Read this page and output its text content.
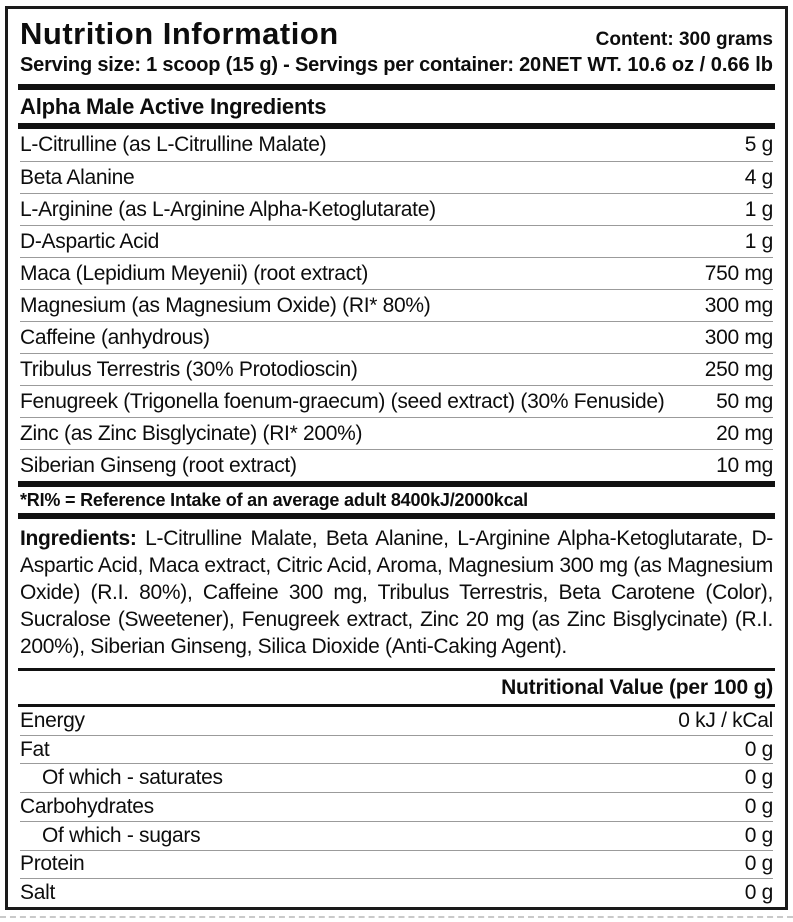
Nutrition Information
Serving size: 1 scoop (15 g) - Servings per container: 20
Content: 300 grams
NET WT. 10.6 oz / 0.66 lb
Alpha Male Active Ingredients
L-Citrulline (as L-Citrulline Malate)	5 g
Beta Alanine	4 g
L-Arginine (as L-Arginine Alpha-Ketoglutarate)	1 g
D-Aspartic Acid	1 g
Maca (Lepidium Meyenii) (root extract)	750 mg
Magnesium (as Magnesium Oxide) (RI* 80%)	300 mg
Caffeine (anhydrous)	300 mg
Tribulus Terrestris (30% Protodioscin)	250 mg
Fenugreek (Trigonella foenum-graecum) (seed extract) (30% Fenuside) 50 mg
Zinc (as Zinc Bisglycinate) (RI* 200%)	20 mg
Siberian Ginseng (root extract)	10 mg
*RI% = Reference Intake of an average adult 8400kJ/2000kcal
Ingredients: L-Citrulline Malate, Beta Alanine, L-Arginine Alpha-Ketoglutarate, D-Aspartic Acid, Maca extract, Citric Acid, Aroma, Magnesium 300 mg (as Magnesium Oxide) (R.I. 80%), Caffeine 300 mg, Tribulus Terrestris, Beta Carotene (Color), Sucralose (Sweetener), Fenugreek extract, Zinc 20 mg (as Zinc Bisglycinate) (R.I. 200%), Siberian Ginseng, Silica Dioxide (Anti-Caking Agent).
Nutritional Value (per 100 g)
Energy	0 kJ / kCal
Fat	0 g
Of which - saturates	0 g
Carbohydrates	0 g
Of which - sugars	0 g
Protein	0 g
Salt	0 g
